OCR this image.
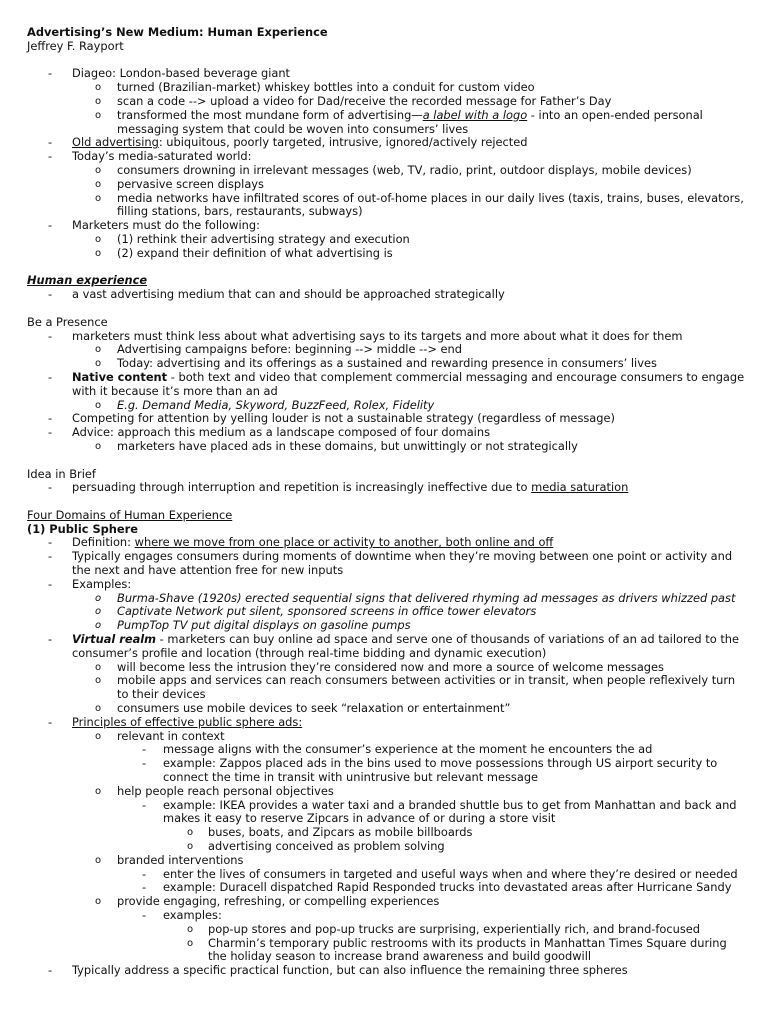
Advertising’s New Medium: Human Experience
Jeffrey F. Rayport
- Diageo: London-based beverage giant
o turned (Brazilian-market) whiskey bottles into a conduit for custom video
o scan a code --> upload a video for Dad/receive the recorded message for Father’s Day
o transformed the most mundane form of advertising—a label with a logo - into an open-ended personal
messaging system that could be woven into consumers’ lives
- Old advertising: ubiquitous, poorly targeted, intrusive, ignored/actively rejected
- Today’s media-saturated world:
o consumers drowning in irrelevant messages (web, TV, radio, print, outdoor displays, mobile devices)
o pervasive screen displays
o media networks have infiltrated scores of out-of-home places in our daily lives (taxis, trains, buses, elevators,
filling stations, bars, restaurants, subways)
- Marketers must do the following:
o (1) rethink their advertising strategy and execution
o (2) expand their definition of what advertising is
Human experience
- a vast advertising medium that can and should be approached strategically
Be a Presence
- marketers must think less about what advertising says to its targets and more about what it does for them
o Advertising campaigns before: beginning --> middle --> end
o Today: advertising and its offerings as a sustained and rewarding presence in consumers’ lives
- Native content - both text and video that complement commercial messaging and encourage consumers to engage
with it because it’s more than an ad
o E.g. Demand Media, Skyword, BuzzFeed, Rolex, Fidelity
- Competing for attention by yelling louder is not a sustainable strategy (regardless of message)
- Advice: approach this medium as a landscape composed of four domains
o marketers have placed ads in these domains, but unwittingly or not strategically
Idea in Brief
- persuading through interruption and repetition is increasingly ineffective due to media saturation
Four Domains of Human Experience
(1) Public Sphere
- Definition: where we move from one place or activity to another, both online and off
- Typically engages consumers during moments of downtime when they’re moving between one point or activity and
the next and have attention free for new inputs
- Examples:
o Burma-Shave (1920s) erected sequential signs that delivered rhyming ad messages as drivers whizzed past
o Captivate Network put silent, sponsored screens in office tower elevators
o PumpTop TV put digital displays on gasoline pumps
- Virtual realm - marketers can buy online ad space and serve one of thousands of variations of an ad tailored to the
consumer’s profile and location (through real-time bidding and dynamic execution)
o will become less the intrusion they’re considered now and more a source of welcome messages
o mobile apps and services can reach consumers between activities or in transit, when people reflexively turn
to their devices
o consumers use mobile devices to seek “relaxation or entertainment”
- Principles of effective public sphere ads:
o relevant in context
- message aligns with the consumer’s experience at the moment he encounters the ad
- example: Zappos placed ads in the bins used to move possessions through US airport security to
connect the time in transit with unintrusive but relevant message
o help people reach personal objectives
- example: IKEA provides a water taxi and a branded shuttle bus to get from Manhattan and back and
makes it easy to reserve Zipcars in advance of or during a store visit
o buses, boats, and Zipcars as mobile billboards
o advertising conceived as problem solving
o branded interventions
- enter the lives of consumers in targeted and useful ways when and where they’re desired or needed
- example: Duracell dispatched Rapid Responded trucks into devastated areas after Hurricane Sandy
o provide engaging, refreshing, or compelling experiences
- examples:
o pop-up stores and pop-up trucks are surprising, experientially rich, and brand-focused
o Charmin’s temporary public restrooms with its products in Manhattan Times Square during
the holiday season to increase brand awareness and build goodwill
- Typically address a specific practical function, but can also influence the remaining three spheres
